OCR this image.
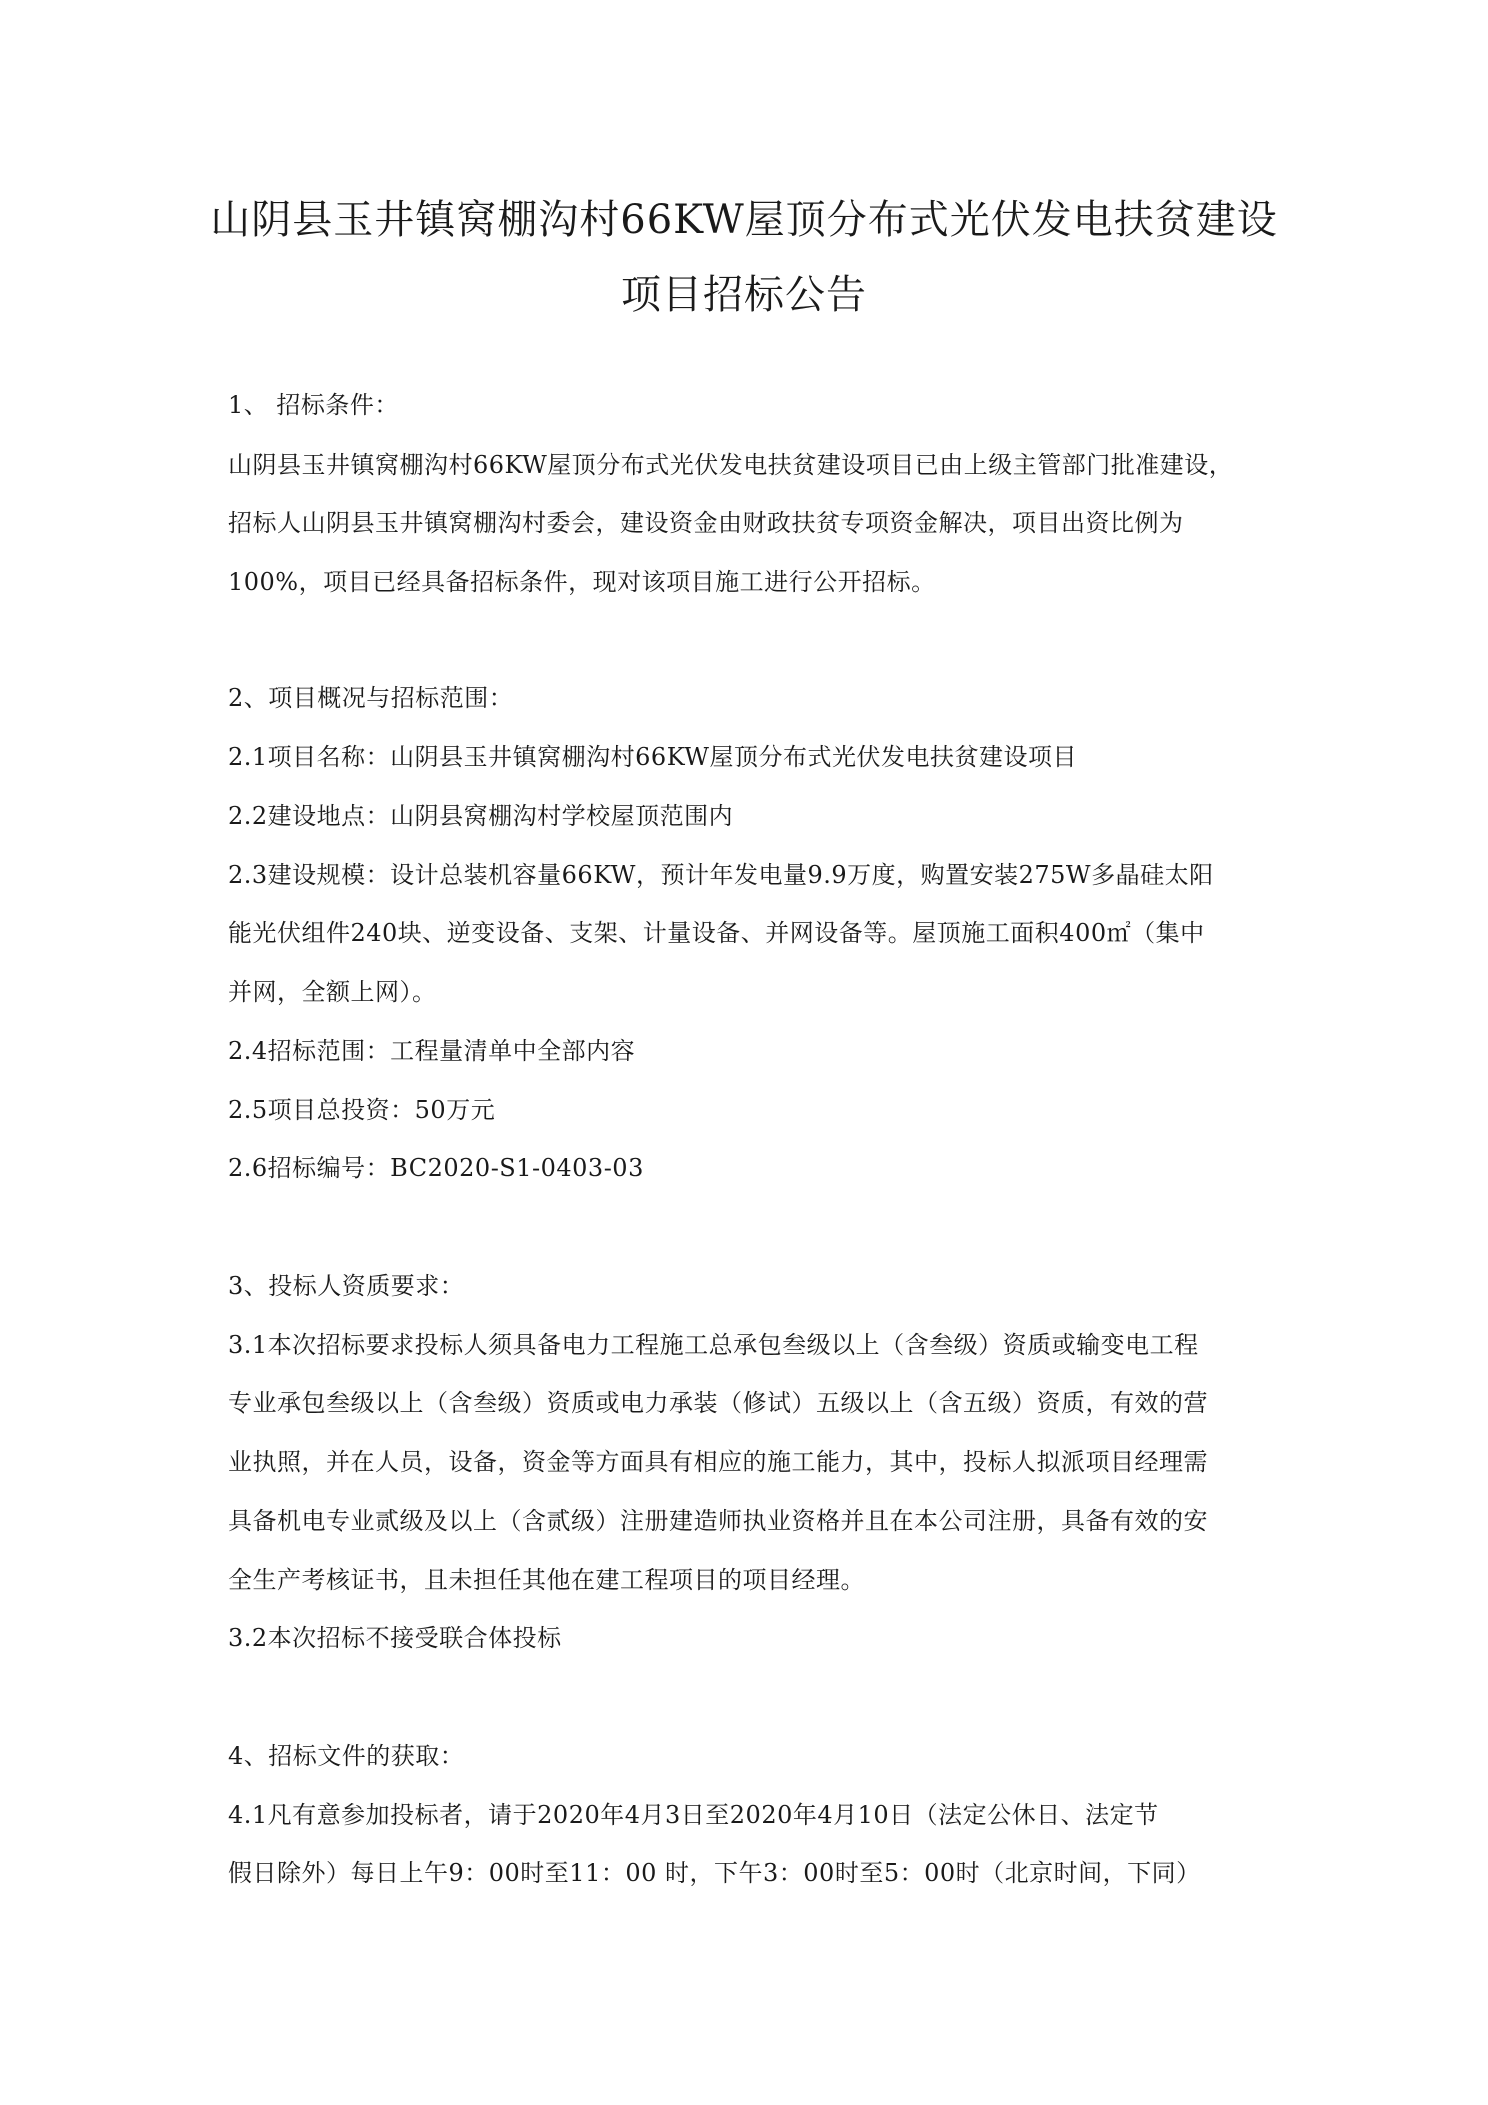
山阴县玉井镇窝棚沟村66KW屋顶分布式光伏发电扶贫建设
项目招标公告
1、 招标条件：
山阴县玉井镇窝棚沟村66KW屋顶分布式光伏发电扶贫建设项目已由上级主管部门批准建设，
招标人山阴县玉井镇窝棚沟村委会，建设资金由财政扶贫专项资金解决，项目出资比例为
100%，项目已经具备招标条件，现对该项目施工进行公开招标。
2、项目概况与招标范围：
2.1项目名称：山阴县玉井镇窝棚沟村66KW屋顶分布式光伏发电扶贫建设项目
2.2建设地点：山阴县窝棚沟村学校屋顶范围内
2.3建设规模：设计总装机容量66KW，预计年发电量9.9万度，购置安装275W多晶硅太阳
能光伏组件240块、逆变设备、支架、计量设备、并网设备等。屋顶施工面积400㎡（集中
并网，全额上网）。
2.4招标范围：工程量清单中全部内容
2.5项目总投资：50万元
2.6招标编号：BC2020-S1-0403-03
3、投标人资质要求：
3.1本次招标要求投标人须具备电力工程施工总承包叁级以上（含叁级）资质或输变电工程
专业承包叁级以上（含叁级）资质或电力承装（修试）五级以上（含五级）资质，有效的营
业执照，并在人员，设备，资金等方面具有相应的施工能力，其中，投标人拟派项目经理需
具备机电专业贰级及以上（含贰级）注册建造师执业资格并且在本公司注册，具备有效的安
全生产考核证书，且未担任其他在建工程项目的项目经理。
3.2本次招标不接受联合体投标
4、招标文件的获取：
4.1凡有意参加投标者，请于2020年4月3日至2020年4月10日（法定公休日、法定节
假日除外）每日上午9：00时至11：00 时，下午3：00时至5：00时（北京时间，下同）
